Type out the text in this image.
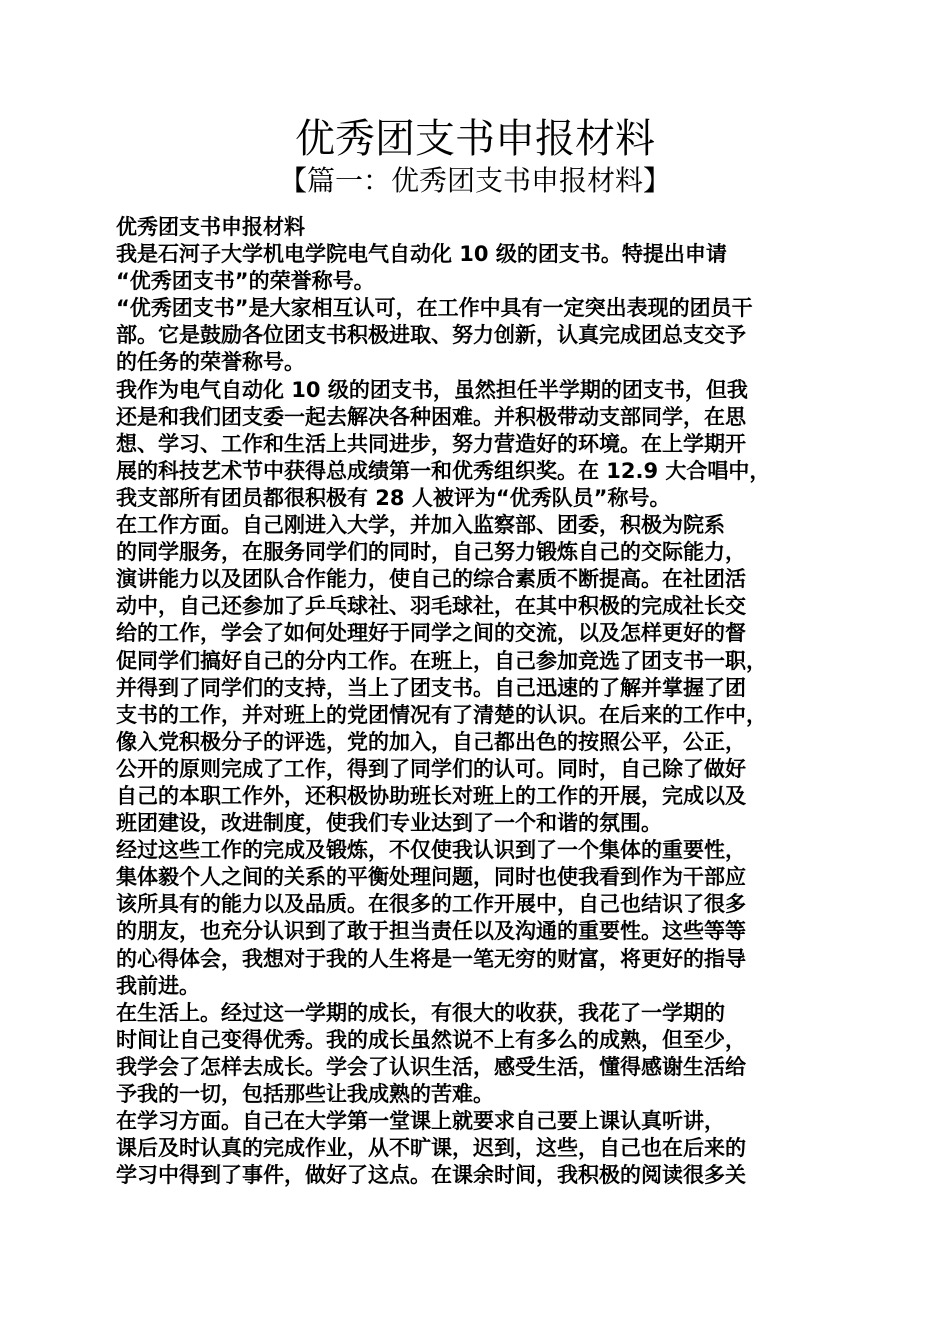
优秀团支书申报材料
【篇一：优秀团支书申报材料】
优秀团支书申报材料
我是石河子大学机电学院电气自动化 10 级的团支书。特提出申请
“优秀团支书”的荣誉称号。
“优秀团支书”是大家相互认可，在工作中具有一定突出表现的团员干
部。它是鼓励各位团支书积极进取、努力创新，认真完成团总支交予
的任务的荣誉称号。
我作为电气自动化 10 级的团支书，虽然担任半学期的团支书，但我
还是和我们团支委一起去解决各种困难。并积极带动支部同学，在思
想、学习、工作和生活上共同进步，努力营造好的环境。在上学期开
展的科技艺术节中获得总成绩第一和优秀组织奖。在 12.9 大合唱中，
我支部所有团员都很积极有 28 人被评为“优秀队员”称号。
在工作方面。自己刚进入大学，并加入监察部、团委，积极为院系
的同学服务，在服务同学们的同时，自己努力锻炼自己的交际能力，
演讲能力以及团队合作能力，使自己的综合素质不断提高。在社团活
动中，自己还参加了乒乓球社、羽毛球社，在其中积极的完成社长交
给的工作，学会了如何处理好于同学之间的交流，以及怎样更好的督
促同学们搞好自己的分内工作。在班上，自己参加竞选了团支书一职，
并得到了同学们的支持，当上了团支书。自己迅速的了解并掌握了团
支书的工作，并对班上的党团情况有了清楚的认识。在后来的工作中，
像入党积极分子的评选，党的加入，自己都出色的按照公平，公正，
公开的原则完成了工作，得到了同学们的认可。同时，自己除了做好
自己的本职工作外，还积极协助班长对班上的工作的开展，完成以及
班团建设，改进制度，使我们专业达到了一个和谐的氛围。
经过这些工作的完成及锻炼，不仅使我认识到了一个集体的重要性，
集体毅个人之间的关系的平衡处理问题，同时也使我看到作为干部应
该所具有的能力以及品质。在很多的工作开展中，自己也结识了很多
的朋友，也充分认识到了敢于担当责任以及沟通的重要性。这些等等
的心得体会，我想对于我的人生将是一笔无穷的财富，将更好的指导
我前进。
在生活上。经过这一学期的成长，有很大的收获，我花了一学期的
时间让自己变得优秀。我的成长虽然说不上有多么的成熟，但至少，
我学会了怎样去成长。学会了认识生活，感受生活，懂得感谢生活给
予我的一切，包括那些让我成熟的苦难。
在学习方面。自己在大学第一堂课上就要求自己要上课认真听讲，
课后及时认真的完成作业，从不旷课，迟到，这些，自己也在后来的
学习中得到了事件，做好了这点。在课余时间，我积极的阅读很多关
